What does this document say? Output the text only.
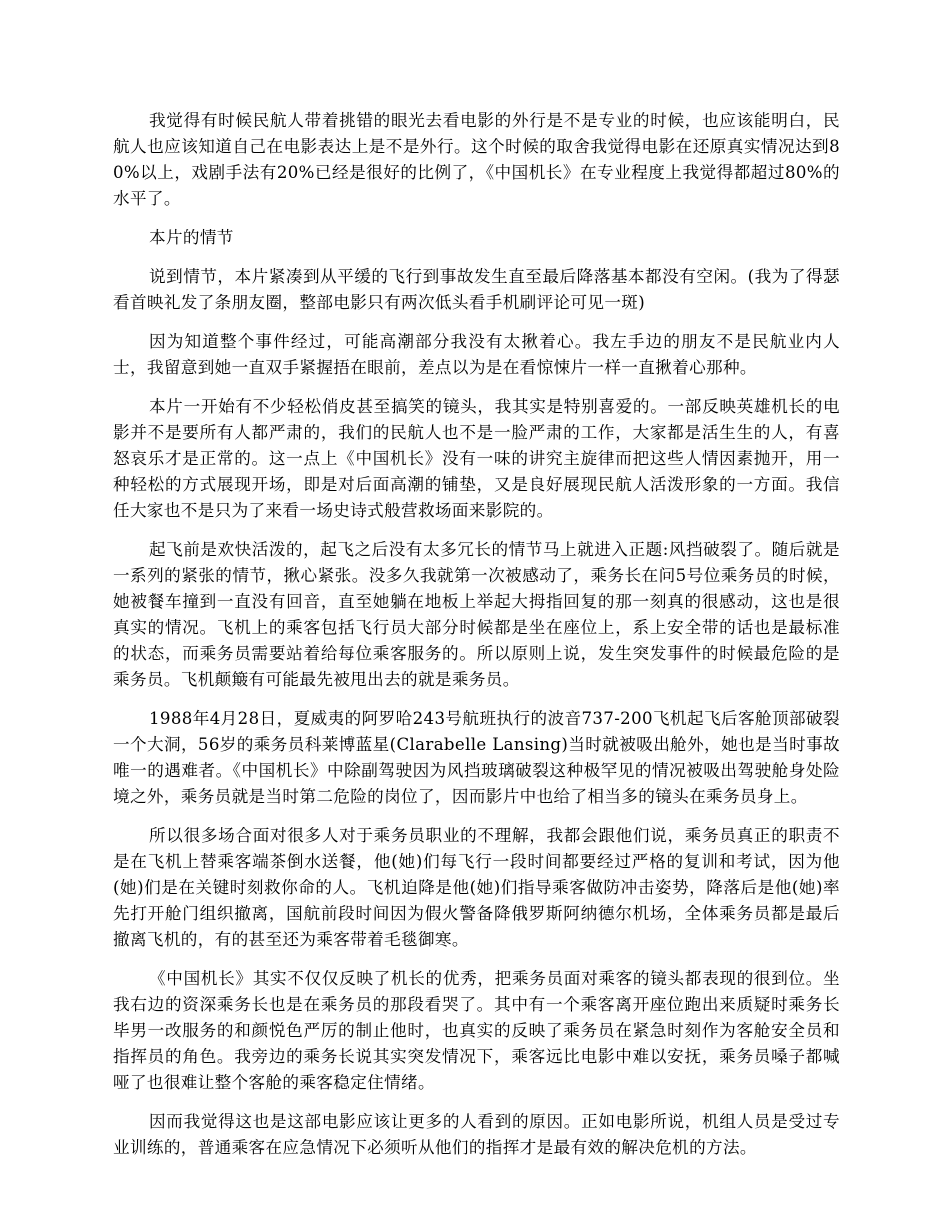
我觉得有时候民航人带着挑错的眼光去看电影的外行是不是专业的时候，也应该能明白，民航人也应该知道自己在电影表达上是不是外行。这个时候的取舍我觉得电影在还原真实情况达到80%以上，戏剧手法有20%已经是很好的比例了，《中国机长》在专业程度上我觉得都超过80%的水平了。

本片的情节

说到情节，本片紧凑到从平缓的飞行到事故发生直至最后降落基本都没有空闲。(我为了得瑟看首映礼发了条朋友圈，整部电影只有两次低头看手机刷评论可见一斑)

因为知道整个事件经过，可能高潮部分我没有太揪着心。我左手边的朋友不是民航业内人士，我留意到她一直双手紧握捂在眼前，差点以为是在看惊悚片一样一直揪着心那种。

本片一开始有不少轻松俏皮甚至搞笑的镜头，我其实是特别喜爱的。一部反映英雄机长的电影并不是要所有人都严肃的，我们的民航人也不是一脸严肃的工作，大家都是活生生的人，有喜怒哀乐才是正常的。这一点上《中国机长》没有一味的讲究主旋律而把这些人情因素抛开，用一种轻松的方式展现开场，即是对后面高潮的铺垫，又是良好展现民航人活泼形象的一方面。我信任大家也不是只为了来看一场史诗式般营救场面来影院的。

起飞前是欢快活泼的，起飞之后没有太多冗长的情节马上就进入正题:风挡破裂了。随后就是一系列的紧张的情节，揪心紧张。没多久我就第一次被感动了，乘务长在问5号位乘务员的时候，她被餐车撞到一直没有回音，直至她躺在地板上举起大拇指回复的那一刻真的很感动，这也是很真实的情况。飞机上的乘客包括飞行员大部分时候都是坐在座位上，系上安全带的话也是最标准的状态，而乘务员需要站着给每位乘客服务的。所以原则上说，发生突发事件的时候最危险的是乘务员。飞机颠簸有可能最先被甩出去的就是乘务员。

1988年4月28日，夏威夷的阿罗哈243号航班执行的波音737-200飞机起飞后客舱顶部破裂一个大洞，56岁的乘务员科莱博蓝星(Clarabelle Lansing)当时就被吸出舱外，她也是当时事故唯一的遇难者。《中国机长》中除副驾驶因为风挡玻璃破裂这种极罕见的情况被吸出驾驶舱身处险境之外，乘务员就是当时第二危险的岗位了，因而影片中也给了相当多的镜头在乘务员身上。

所以很多场合面对很多人对于乘务员职业的不理解，我都会跟他们说，乘务员真正的职责不是在飞机上替乘客端茶倒水送餐，他(她)们每飞行一段时间都要经过严格的复训和考试，因为他(她)们是在关键时刻救你命的人。飞机迫降是他(她)们指导乘客做防冲击姿势，降落后是他(她)率先打开舱门组织撤离，国航前段时间因为假火警备降俄罗斯阿纳德尔机场，全体乘务员都是最后撤离飞机的，有的甚至还为乘客带着毛毯御寒。

《中国机长》其实不仅仅反映了机长的优秀，把乘务员面对乘客的镜头都表现的很到位。坐我右边的资深乘务长也是在乘务员的那段看哭了。其中有一个乘客离开座位跑出来质疑时乘务长毕男一改服务的和颜悦色严厉的制止他时，也真实的反映了乘务员在紧急时刻作为客舱安全员和指挥员的角色。我旁边的乘务长说其实突发情况下，乘客远比电影中难以安抚，乘务员嗓子都喊哑了也很难让整个客舱的乘客稳定住情绪。

因而我觉得这也是这部电影应该让更多的人看到的原因。正如电影所说，机组人员是受过专业训练的，普通乘客在应急情况下必须听从他们的指挥才是最有效的解决危机的方法。
